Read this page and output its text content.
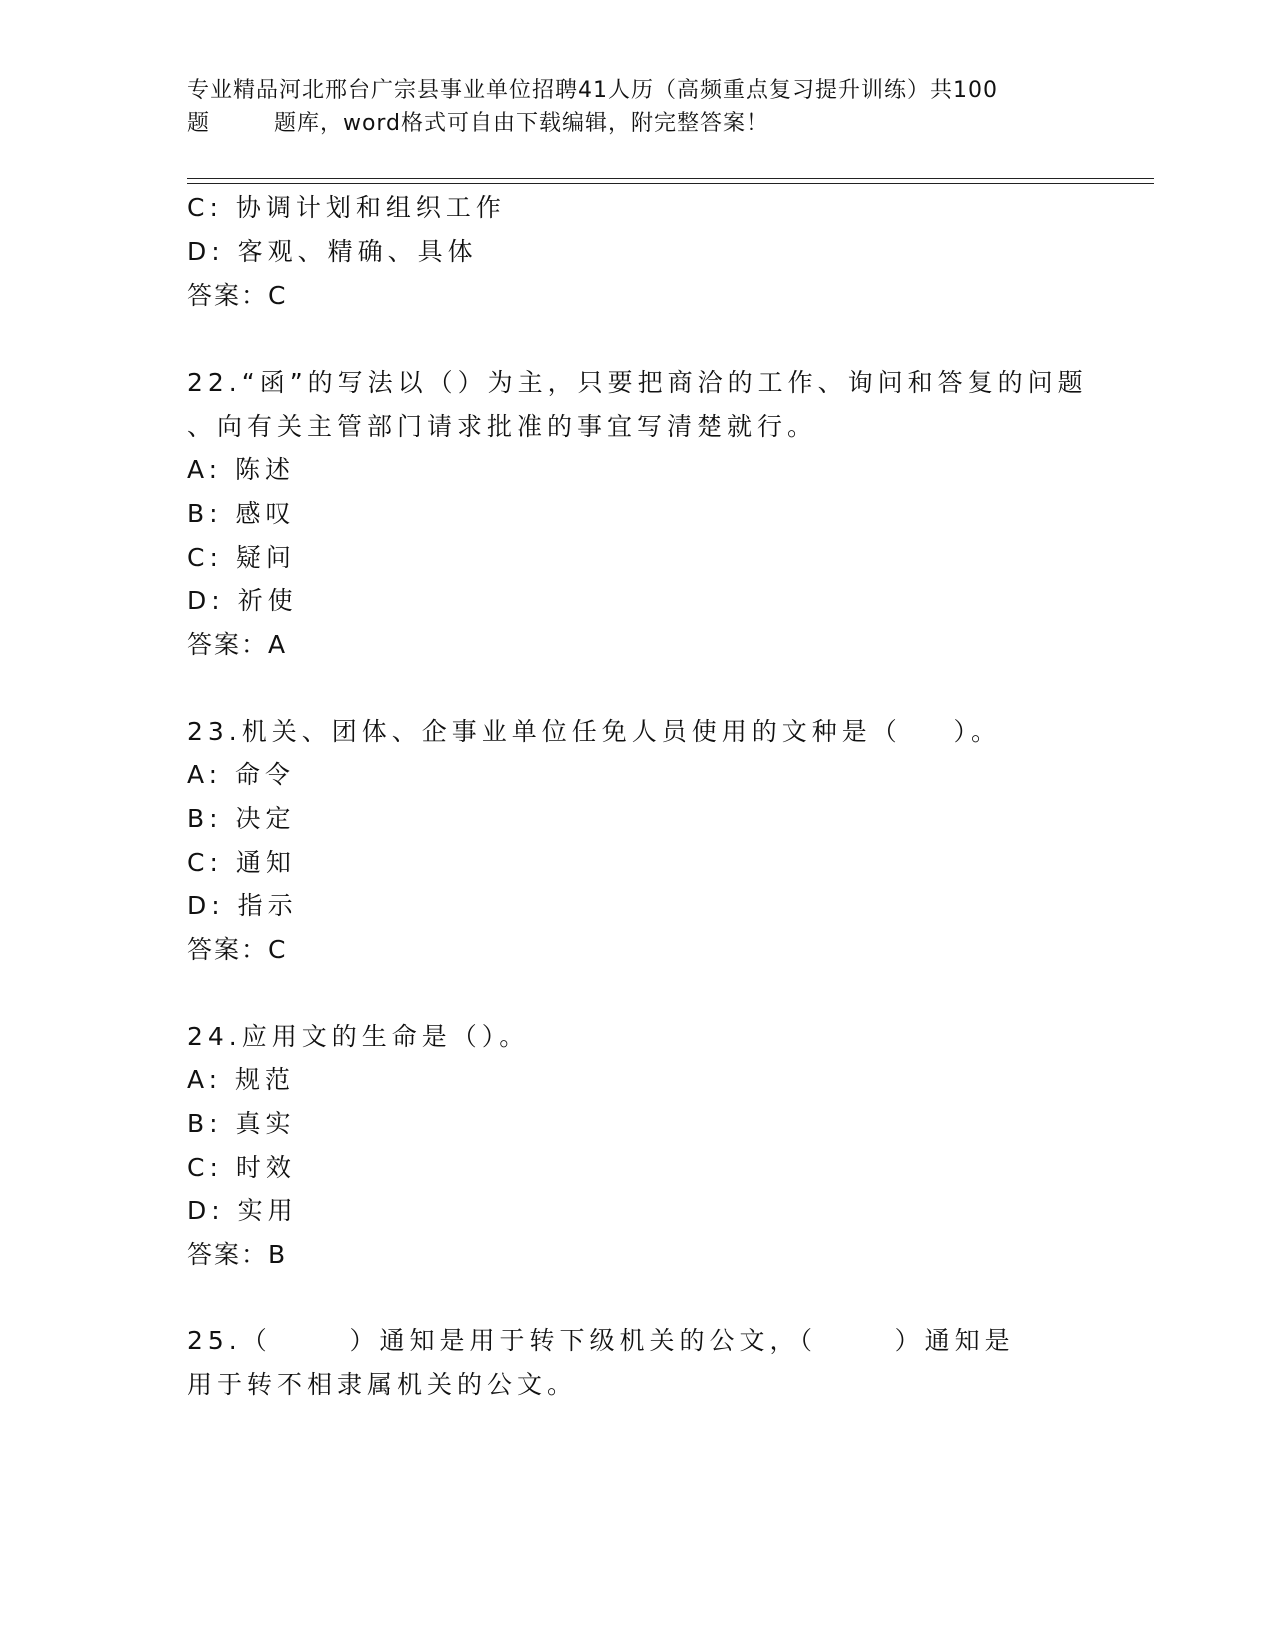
专业精品河北邢台广宗县事业单位招聘41人历（高频重点复习提升训练）共100
题        题库，word格式可自由下载编辑，附完整答案！
C: 协调计划和组织工作
D: 客观、精确、具体
答案：C
22.“函”的写法以（）为主，只要把商洽的工作、询问和答复的问题
、向有关主管部门请求批准的事宜写清楚就行。
A: 陈述
B: 感叹
C: 疑问
D: 祈使
答案：A
23.机关、团体、企事业单位任免人员使用的文种是（    ）。
A: 命令
B: 决定
C: 通知
D: 指示
答案：C
24.应用文的生命是（）。
A: 规范
B: 真实
C: 时效
D: 实用
答案：B
25.（      ）通知是用于转下级机关的公文，（      ）通知是
用于转不相隶属机关的公文。
